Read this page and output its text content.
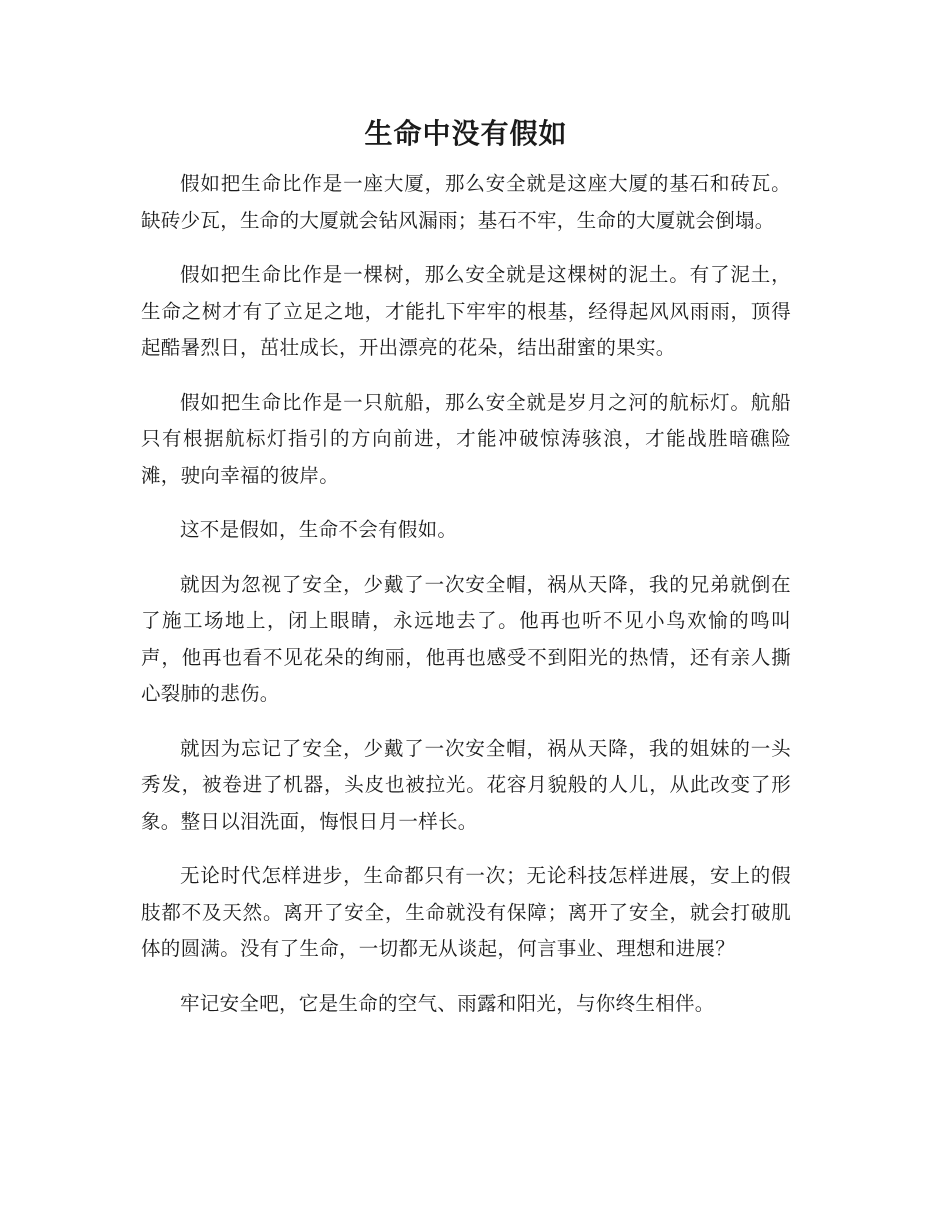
生命中没有假如

假如把生命比作是一座大厦，那么安全就是这座大厦的基石和砖瓦。缺砖少瓦，生命的大厦就会钻风漏雨；基石不牢，生命的大厦就会倒塌。

假如把生命比作是一棵树，那么安全就是这棵树的泥土。有了泥土，生命之树才有了立足之地，才能扎下牢牢的根基，经得起风风雨雨，顶得起酷暑烈日，茁壮成长，开出漂亮的花朵，结出甜蜜的果实。

假如把生命比作是一只航船，那么安全就是岁月之河的航标灯。航船只有根据航标灯指引的方向前进，才能冲破惊涛骇浪，才能战胜暗礁险滩，驶向幸福的彼岸。

这不是假如，生命不会有假如。

就因为忽视了安全，少戴了一次安全帽，祸从天降，我的兄弟就倒在了施工场地上，闭上眼睛，永远地去了。他再也听不见小鸟欢愉的鸣叫声，他再也看不见花朵的绚丽，他再也感受不到阳光的热情，还有亲人撕心裂肺的悲伤。

就因为忘记了安全，少戴了一次安全帽，祸从天降，我的姐妹的一头秀发，被卷进了机器，头皮也被拉光。花容月貌般的人儿，从此改变了形象。整日以泪洗面，悔恨日月一样长。

无论时代怎样进步，生命都只有一次；无论科技怎样进展，安上的假肢都不及天然。离开了安全，生命就没有保障；离开了安全，就会打破肌体的圆满。没有了生命，一切都无从谈起，何言事业、理想和进展？

牢记安全吧，它是生命的空气、雨露和阳光，与你终生相伴。
